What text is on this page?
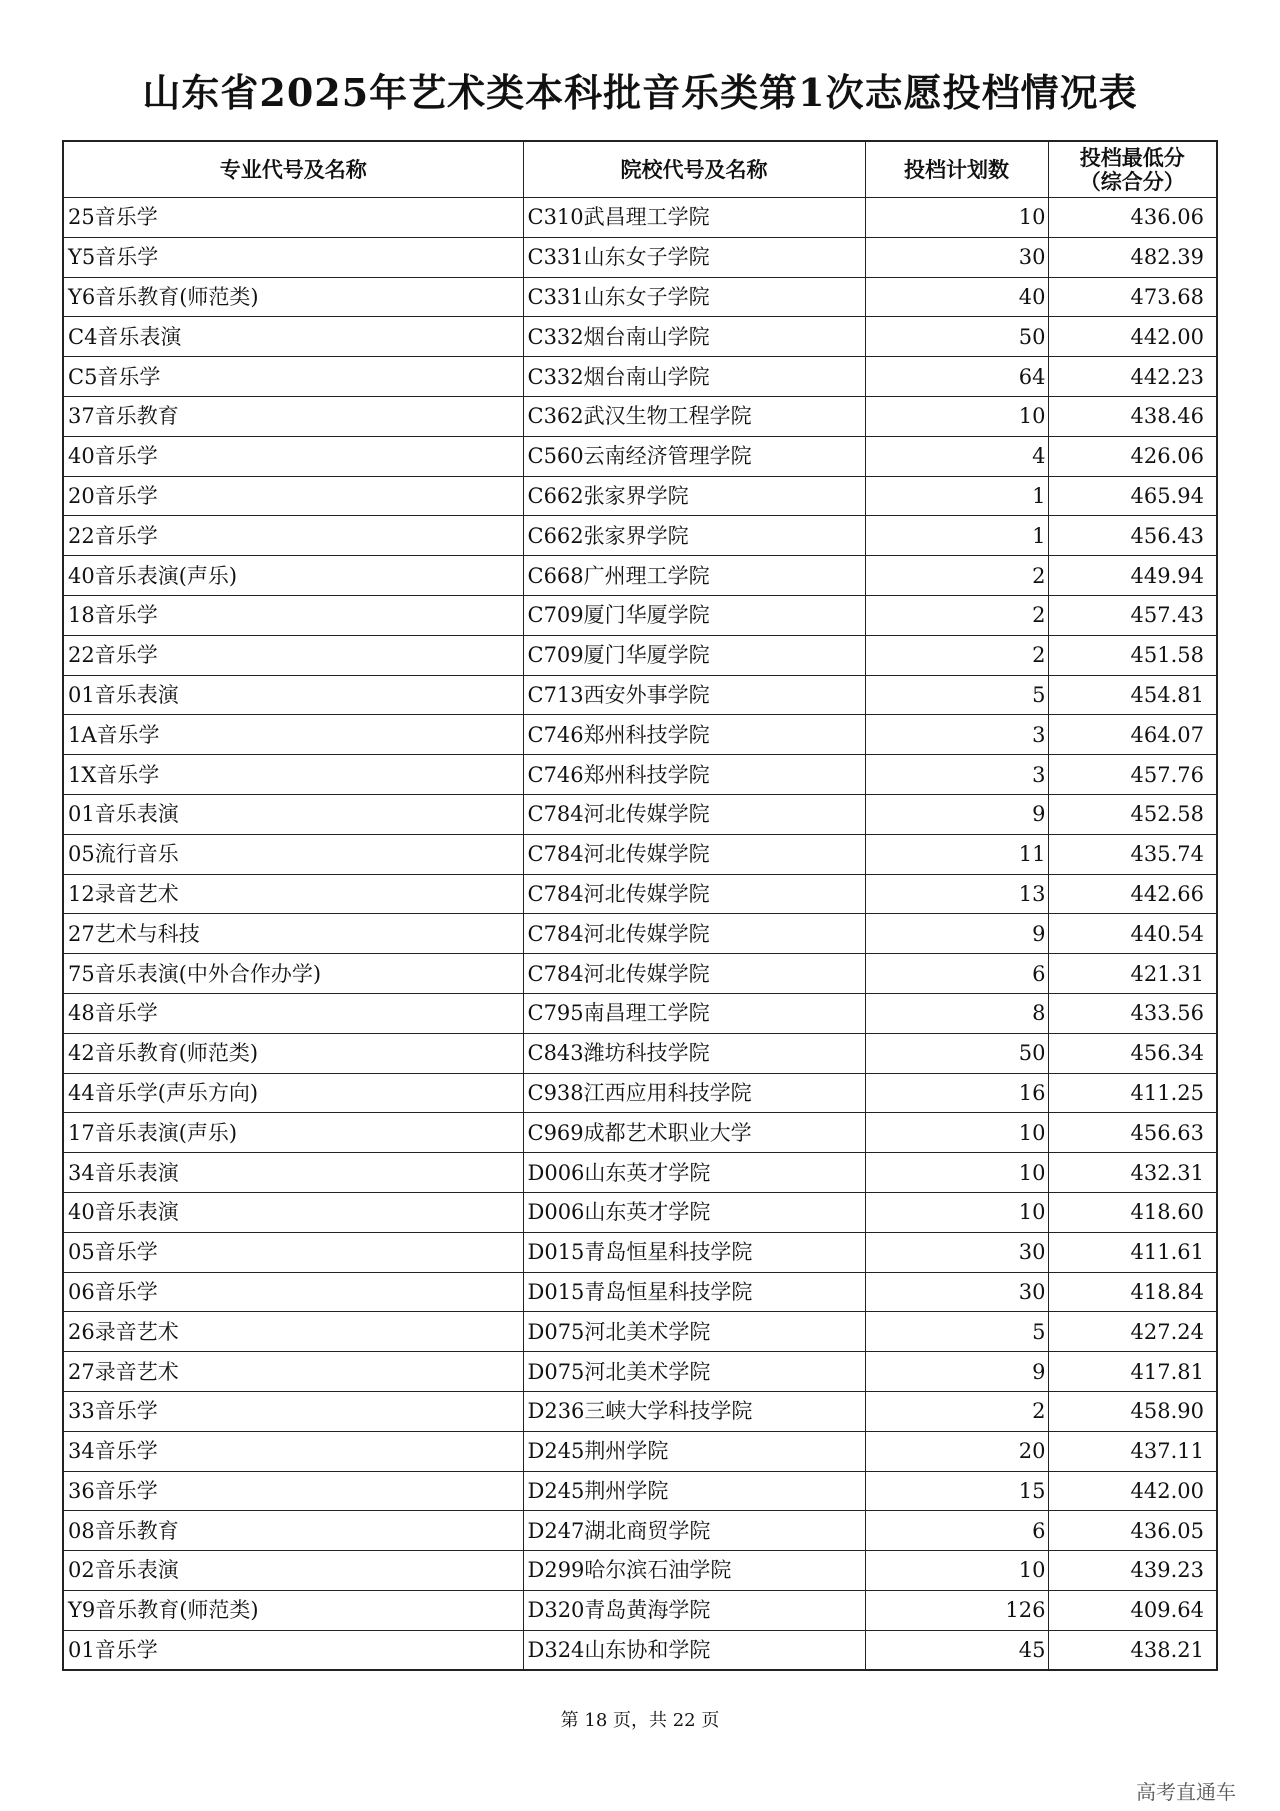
山东省2025年艺术类本科批音乐类第1次志愿投档情况表
专业代号及名称	院校代号及名称	投档计划数	投档最低分
（综合分）

25音乐学	C310武昌理工学院	10	436.06
Y5音乐学	C331山东女子学院	30	482.39
Y6音乐教育(师范类)	C331山东女子学院	40	473.68
C4音乐表演	C332烟台南山学院	50	442.00
C5音乐学	C332烟台南山学院	64	442.23
37音乐教育	C362武汉生物工程学院	10	438.46
40音乐学	C560云南经济管理学院	4	426.06
20音乐学	C662张家界学院	1	465.94
22音乐学	C662张家界学院	1	456.43
40音乐表演(声乐)	C668广州理工学院	2	449.94
18音乐学	C709厦门华厦学院	2	457.43
22音乐学	C709厦门华厦学院	2	451.58
01音乐表演	C713西安外事学院	5	454.81
1A音乐学	C746郑州科技学院	3	464.07
1X音乐学	C746郑州科技学院	3	457.76
01音乐表演	C784河北传媒学院	9	452.58
05流行音乐	C784河北传媒学院	11	435.74
12录音艺术	C784河北传媒学院	13	442.66
27艺术与科技	C784河北传媒学院	9	440.54
75音乐表演(中外合作办学)	C784河北传媒学院	6	421.31
48音乐学	C795南昌理工学院	8	433.56
42音乐教育(师范类)	C843潍坊科技学院	50	456.34
44音乐学(声乐方向)	C938江西应用科技学院	16	411.25
17音乐表演(声乐)	C969成都艺术职业大学	10	456.63
34音乐表演	D006山东英才学院	10	432.31
40音乐表演	D006山东英才学院	10	418.60
05音乐学	D015青岛恒星科技学院	30	411.61
06音乐学	D015青岛恒星科技学院	30	418.84
26录音艺术	D075河北美术学院	5	427.24
27录音艺术	D075河北美术学院	9	417.81
33音乐学	D236三峡大学科技学院	2	458.90
34音乐学	D245荆州学院	20	437.11
36音乐学	D245荆州学院	15	442.00
08音乐教育	D247湖北商贸学院	6	436.05
02音乐表演	D299哈尔滨石油学院	10	439.23
Y9音乐教育(师范类)	D320青岛黄海学院	126	409.64
01音乐学	D324山东协和学院	45	438.21
第 18 页，共 22 页
高考直通车
